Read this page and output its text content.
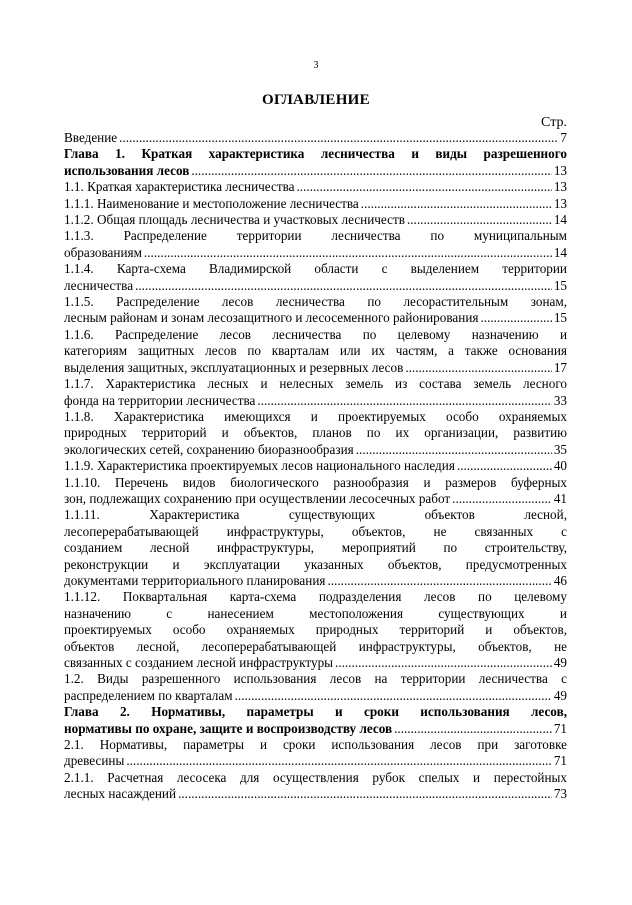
3
ОГЛАВЛЕНИЕ
Стр.
Введение .....	7
Глава 1. Краткая характеристика лесничества и виды разрешенного
использования лесов .....	13
1.1. Краткая характеристика лесничества .....	13
1.1.1. Наименование и местоположение лесничества .....	13
1.1.2. Общая площадь лесничества и участковых лесничеств .....	14
1.1.3. Распределение территории лесничества по муниципальным
образованиям .....	14
1.1.4. Карта-схема Владимирской области с выделением территории
лесничества .....	15
1.1.5. Распределение лесов лесничества по лесорастительным зонам,
лесным районам и зонам лесозащитного и лесосеменного районирования .....	15
1.1.6. Распределение лесов лесничества по целевому назначению и
категориям защитных лесов по кварталам или их частям, а также основания
выделения защитных, эксплуатационных и резервных лесов .....	17
1.1.7. Характеристика лесных и нелесных земель из состава земель лесного
фонда на территории лесничества .....	33
1.1.8. Характеристика имеющихся и проектируемых особо охраняемых
природных территорий и объектов, планов по их организации, развитию
экологических сетей, сохранению биоразнообразия .....	35
1.1.9. Характеристика проектируемых лесов национального наследия .....	40
1.1.10. Перечень видов биологического разнообразия и размеров буферных
зон, подлежащих сохранению при осуществлении лесосечных работ .....	41
1.1.11. Характеристика существующих объектов лесной,
лесоперерабатывающей инфраструктуры, объектов, не связанных с
созданием лесной инфраструктуры, мероприятий по строительству,
реконструкции и эксплуатации указанных объектов, предусмотренных
документами территориального планирования .....	46
1.1.12. Поквартальная карта-схема подразделения лесов по целевому
назначению с нанесением местоположения существующих и
проектируемых особо охраняемых природных территорий и объектов,
объектов лесной, лесоперерабатывающей инфраструктуры, объектов, не
связанных с созданием лесной инфраструктуры .....	49
1.2. Виды разрешенного использования лесов на территории лесничества с
распределением по кварталам .....	49
Глава 2. Нормативы, параметры и сроки использования лесов,
нормативы по охране, защите и воспроизводству лесов .....	71
2.1. Нормативы, параметры и сроки использования лесов при заготовке
древесины .....	71
2.1.1. Расчетная лесосека для осуществления рубок спелых и перестойных
лесных насаждений .....	73
